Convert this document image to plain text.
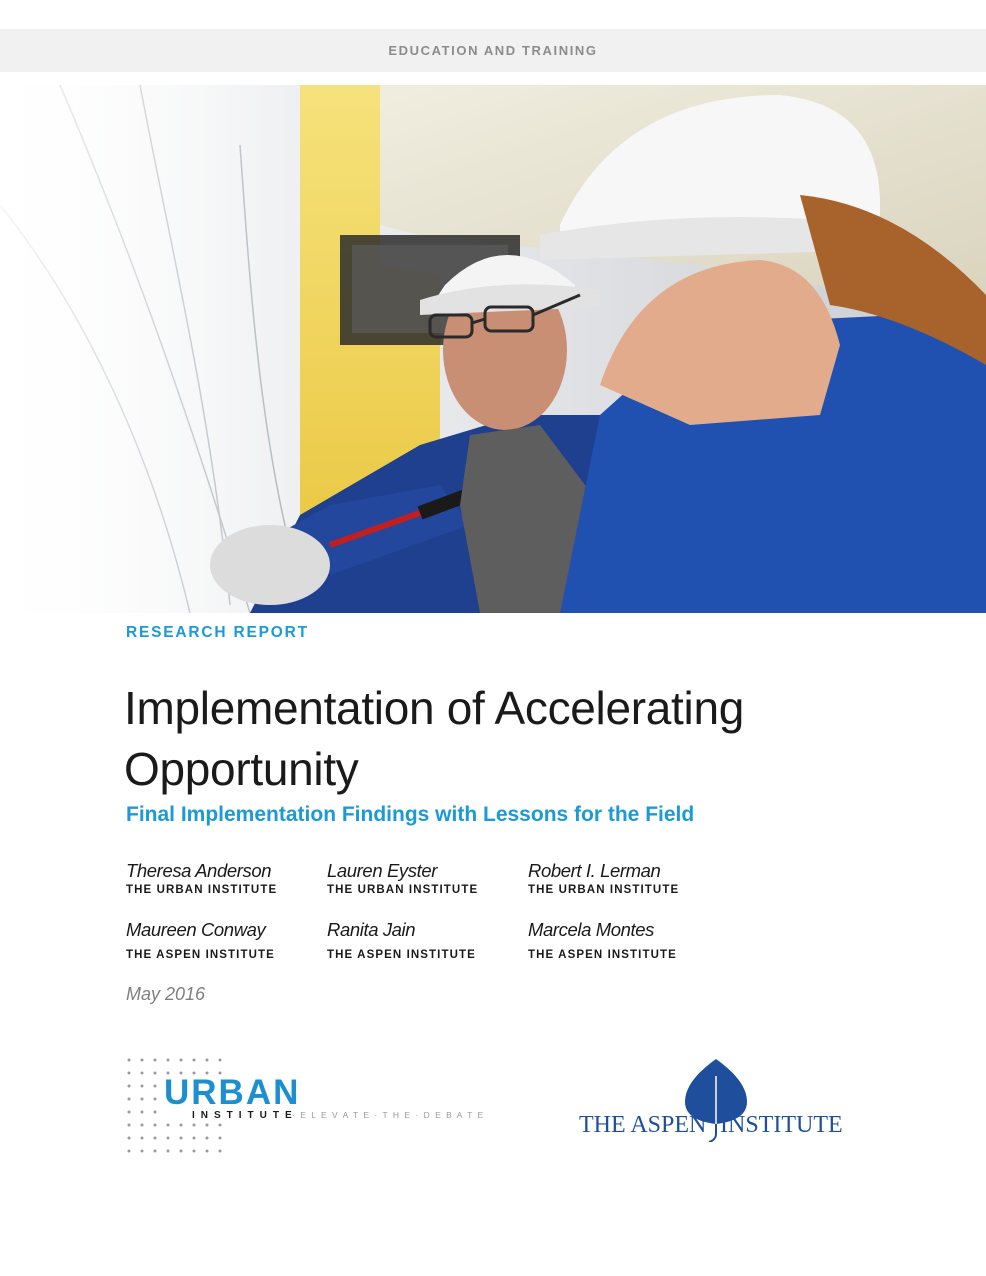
EDUCATION AND TRAINING
RESEARCH REPORT
Implementation of Accelerating
Opportunity
Final Implementation Findings with Lessons for the Field
Theresa Anderson
THE URBAN INSTITUTE
Lauren Eyster
THE URBAN INSTITUTE
Robert I. Lerman
THE URBAN INSTITUTE
Maureen Conway
THE ASPEN INSTITUTE
Ranita Jain
THE ASPEN INSTITUTE
Marcela Montes
THE ASPEN INSTITUTE
May 2016
URBAN
INSTITUTE
· E L E V A T E · T H E · D E B A T E	THE ASPEN INSTITUTE
